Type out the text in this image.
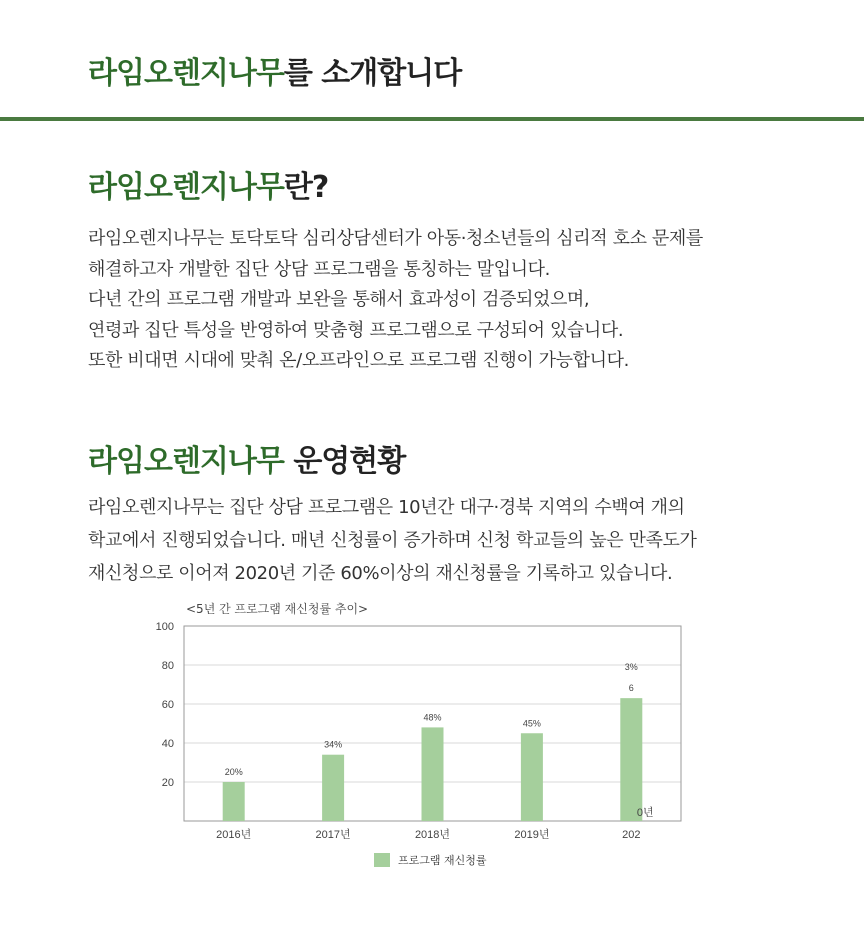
라임오렌지나무를 소개합니다
라임오렌지나무란?
라임오렌지나무는 토닥토닥 심리상담센터가 아동·청소년들의 심리적 호소 문제를
해결하고자 개발한 집단 상담 프로그램을 통칭하는 말입니다.
다년 간의 프로그램 개발과 보완을 통해서 효과성이 검증되었으며,
연령과 집단 특성을 반영하여 맞춤형 프로그램으로 구성되어 있습니다.
또한 비대면 시대에 맞춰 온/오프라인으로 프로그램 진행이 가능합니다.
라임오렌지나무 운영현황
라임오렌지나무는 집단 상담 프로그램은 10년간 대구·경북 지역의 수백여 개의
학교에서 진행되었습니다. 매년 신청률이 증가하며 신청 학교들의 높은 만족도가
재신청으로 이어져 2020년 기준 60%이상의 재신청률을 기록하고 있습니다.
<5년 간 프로그램 재신청률 추이>
100
80
60
40
20
20%
2016년
34%
2017년
48%
2018년
45%
2019년
6
202
3%
0년
프로그램 재신청률
